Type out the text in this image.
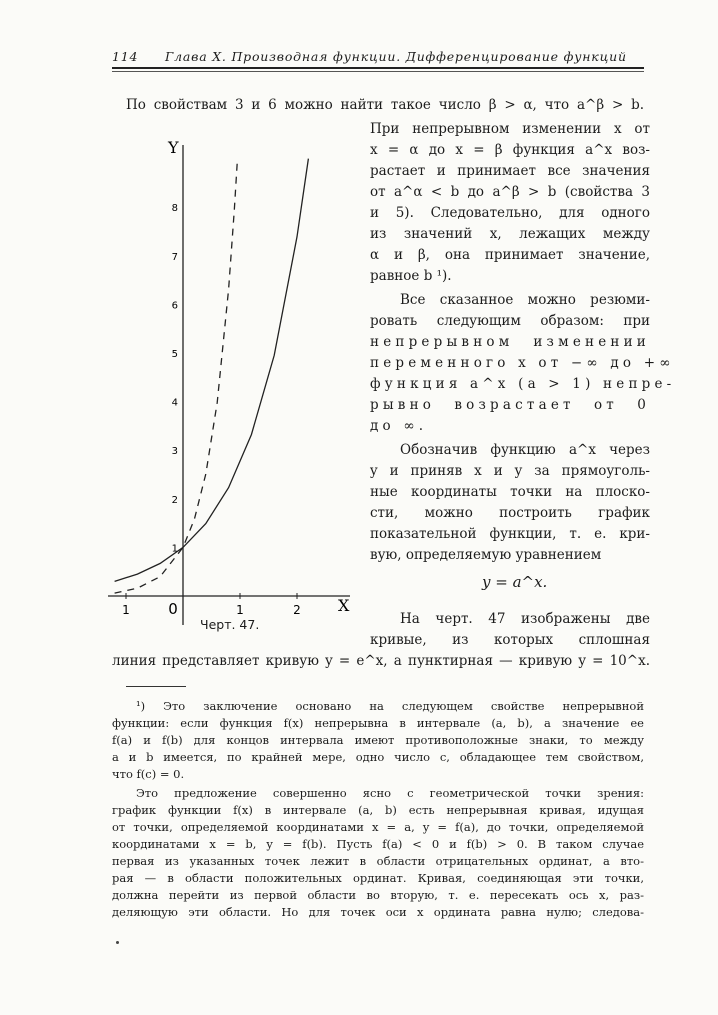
114 Глава X. Производная функции. Дифференцирование функций
По свойствам 3 и 6 можно найти такое число β > α, что a^β > b.
Y
X
1
2
3
4
5
6
7
8
1	0	1	2
Черт. 47.
При непрерывном изменении x от
x = α до x = β функция a^x воз-
растает и принимает все значения
от a^α < b до a^β > b (свойства 3
и 5). Следовательно, для одного
из значений x, лежащих между
α и β, она принимает значение,
равное b ¹).
Все сказанное можно резюми-
ровать следующим образом: при
непрерывном изменении
переменного x от −∞ до +∞
функция a^x (a > 1) непре-
рывно возрастает от 0
до ∞.
Обозначив функцию a^x через
y и приняв x и y за прямоуголь-
ные координаты точки на плоско-
сти, можно построить график
показательной функции, т. е. кри-
вую, определяемую уравнением
y = a^x.
На черт. 47 изображены две
кривые, из которых сплошная
линия представляет кривую y = e^x, а пунктирная — кривую y = 10^x.
¹) Это заключение основано на следующем свойстве непрерывной
функции: если функция f(x) непрерывна в интервале (a, b), а значение ее
f(a) и f(b) для концов интервала имеют противоположные знаки, то между
a и b имеется, по крайней мере, одно число c, обладающее тем свойством,
что f(c) = 0.
Это предложение совершенно ясно с геометрической точки зрения:
график функции f(x) в интервале (a, b) есть непрерывная кривая, идущая
от точки, определяемой координатами x = a, y = f(a), до точки, определяемой
координатами x = b, y = f(b). Пусть f(a) < 0 и f(b) > 0. В таком случае
первая из указанных точек лежит в области отрицательных ординат, а вто-
рая — в области положительных ординат. Кривая, соединяющая эти точки,
должна перейти из первой области во вторую, т. е. пересекать ось x, раз-
деляющую эти области. Но для точек оси x ордината равна нулю; следова-
